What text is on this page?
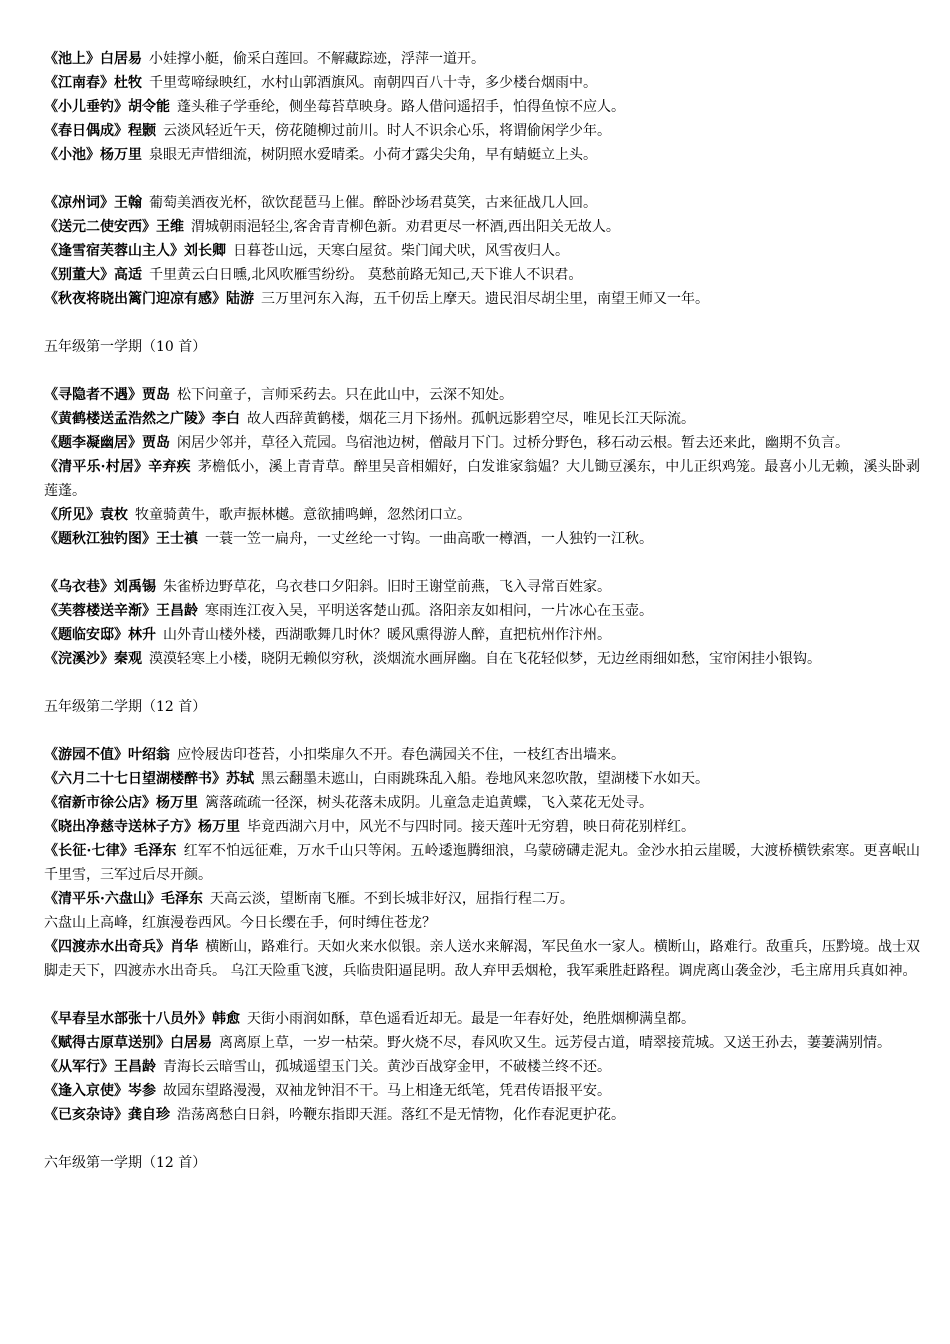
《池上》白居易 小娃撑小艇，偷采白莲回。不解藏踪迹，浮萍一道开。

《江南春》杜牧 千里莺啼绿映红，水村山郭酒旗风。南朝四百八十寺，多少楼台烟雨中。

《小儿垂钓》胡令能 蓬头稚子学垂纶，侧坐莓苔草映身。路人借问遥招手，怕得鱼惊不应人。

《春日偶成》程颢 云淡风轻近午天，傍花随柳过前川。时人不识余心乐，将谓偷闲学少年。

《小池》杨万里 泉眼无声惜细流，树阴照水爱晴柔。小荷才露尖尖角，早有蜻蜓立上头。

《凉州词》王翰 葡萄美酒夜光杯，欲饮琵琶马上催。醉卧沙场君莫笑，古来征战几人回。

《送元二使安西》王维 渭城朝雨浥轻尘,客舍青青柳色新。劝君更尽一杯酒,西出阳关无故人。

《逢雪宿芙蓉山主人》刘长卿 日暮苍山远，天寒白屋贫。柴门闻犬吠，风雪夜归人。

《别董大》高适 千里黄云白日曛,北风吹雁雪纷纷。 莫愁前路无知己,天下谁人不识君。

《秋夜将晓出篱门迎凉有感》陆游 三万里河东入海，五千仞岳上摩天。遗民泪尽胡尘里，南望王师又一年。

五年级第一学期（10 首）

《寻隐者不遇》贾岛 松下问童子，言师采药去。只在此山中，云深不知处。

《黄鹤楼送孟浩然之广陵》李白 故人西辞黄鹤楼，烟花三月下扬州。孤帆远影碧空尽，唯见长江天际流。

《题李凝幽居》贾岛 闲居少邻并，草径入荒园。鸟宿池边树，僧敲月下门。过桥分野色，移石动云根。暂去还来此，幽期不负言。

《清平乐·村居》辛弃疾 茅檐低小，溪上青青草。醉里吴音相媚好，白发谁家翁媪？大儿锄豆溪东，中儿正织鸡笼。最喜小儿无赖，溪头卧剥莲蓬。

《所见》袁枚 牧童骑黄牛，歌声振林樾。意欲捕鸣蝉，忽然闭口立。

《题秋江独钓图》王士禛 一蓑一笠一扁舟，一丈丝纶一寸钩。一曲高歌一樽酒，一人独钓一江秋。

《乌衣巷》刘禹锡 朱雀桥边野草花，乌衣巷口夕阳斜。旧时王谢堂前燕，飞入寻常百姓家。

《芙蓉楼送辛渐》王昌龄 寒雨连江夜入吴，平明送客楚山孤。洛阳亲友如相问，一片冰心在玉壶。

《题临安邸》林升 山外青山楼外楼，西湖歌舞几时休？暖风熏得游人醉，直把杭州作汴州。

《浣溪沙》秦观 漠漠轻寒上小楼，晓阴无赖似穷秋，淡烟流水画屏幽。自在飞花轻似梦，无边丝雨细如愁，宝帘闲挂小银钩。

五年级第二学期（12 首）

《游园不值》叶绍翁 应怜屐齿印苍苔，小扣柴扉久不开。春色满园关不住，一枝红杏出墙来。

《六月二十七日望湖楼醉书》苏轼 黑云翻墨未遮山，白雨跳珠乱入船。卷地风来忽吹散，望湖楼下水如天。

《宿新市徐公店》杨万里 篱落疏疏一径深，树头花落未成阴。儿童急走追黄蝶，飞入菜花无处寻。

《晓出净慈寺送林子方》杨万里 毕竟西湖六月中，风光不与四时同。接天莲叶无穷碧，映日荷花别样红。

《长征·七律》毛泽东 红军不怕远征难，万水千山只等闲。五岭逶迤腾细浪，乌蒙磅礴走泥丸。金沙水拍云崖暖，大渡桥横铁索寒。更喜岷山千里雪，三军过后尽开颜。

《清平乐·六盘山》毛泽东 天高云淡，望断南飞雁。不到长城非好汉，屈指行程二万。

六盘山上高峰，红旗漫卷西风。今日长缨在手，何时缚住苍龙？

《四渡赤水出奇兵》肖华 横断山，路难行。天如火来水似银。亲人送水来解渴，军民鱼水一家人。横断山，路难行。敌重兵，压黔境。战士双脚走天下，四渡赤水出奇兵。 乌江天险重飞渡，兵临贵阳逼昆明。敌人弃甲丢烟枪，我军乘胜赶路程。调虎离山袭金沙，毛主席用兵真如神。

《早春呈水部张十八员外》韩愈 天街小雨润如酥，草色遥看近却无。最是一年春好处，绝胜烟柳满皇都。

《赋得古原草送别》白居易 离离原上草，一岁一枯荣。野火烧不尽，春风吹又生。远芳侵古道，晴翠接荒城。又送王孙去，萋萋满别情。

《从军行》王昌龄 青海长云暗雪山，孤城遥望玉门关。黄沙百战穿金甲，不破楼兰终不还。

《逢入京使》岑参 故园东望路漫漫，双袖龙钟泪不干。马上相逢无纸笔，凭君传语报平安。

《已亥杂诗》龚自珍 浩荡离愁白日斜，吟鞭东指即天涯。落红不是无情物，化作春泥更护花。

六年级第一学期（12 首）
